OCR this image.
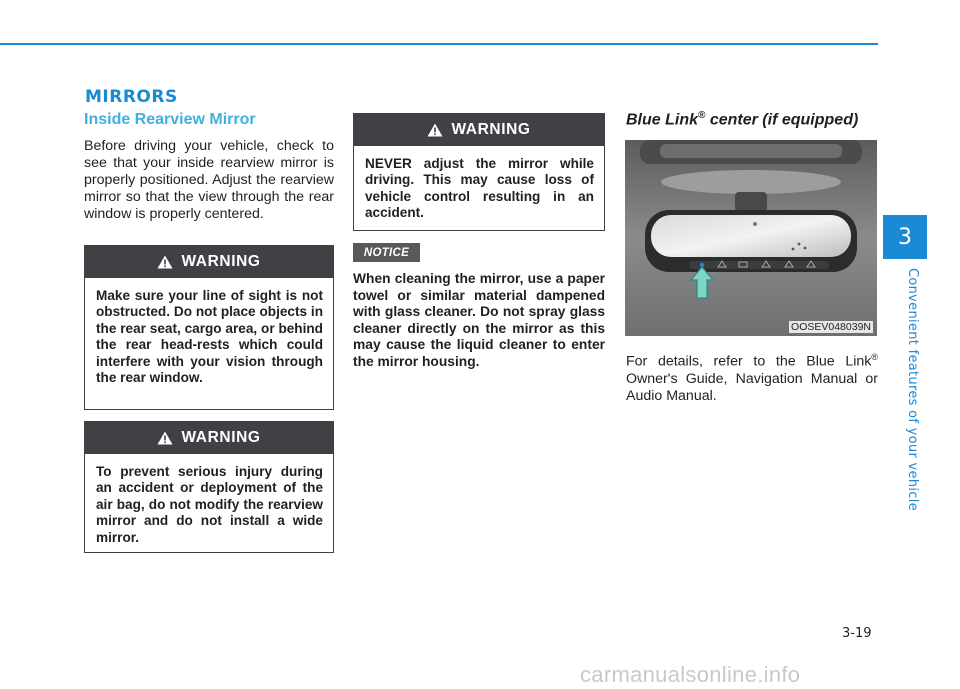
MIRRORS
Inside Rearview Mirror

Before driving your vehicle, check to see that your inside rearview mirror is properly positioned. Adjust the rearview mirror so that the view through the rear window is properly centered.

WARNING

Make sure your line of sight is not obstructed. Do not place objects in the rear seat, cargo area, or behind the rear head-rests which could interfere with your vision through the rear window.

WARNING

To prevent serious injury during an accident or deployment of the air bag, do not modify the rearview mirror and do not install a wide mirror.

WARNING

NEVER adjust the mirror while driving. This may cause loss of vehicle control resulting in an accident.

NOTICE

When cleaning the mirror, use a paper towel or similar material dampened with glass cleaner. Do not spray glass cleaner directly on the mirror as this may cause the liquid cleaner to enter the mirror housing.

Blue Link® center (if equipped)
OOSEV048039N

For details, refer to the Blue Link® Owner's Guide, Navigation Manual or Audio Manual.

3
Convenient features of your vehicle
3-19
carmanualsonline.info
